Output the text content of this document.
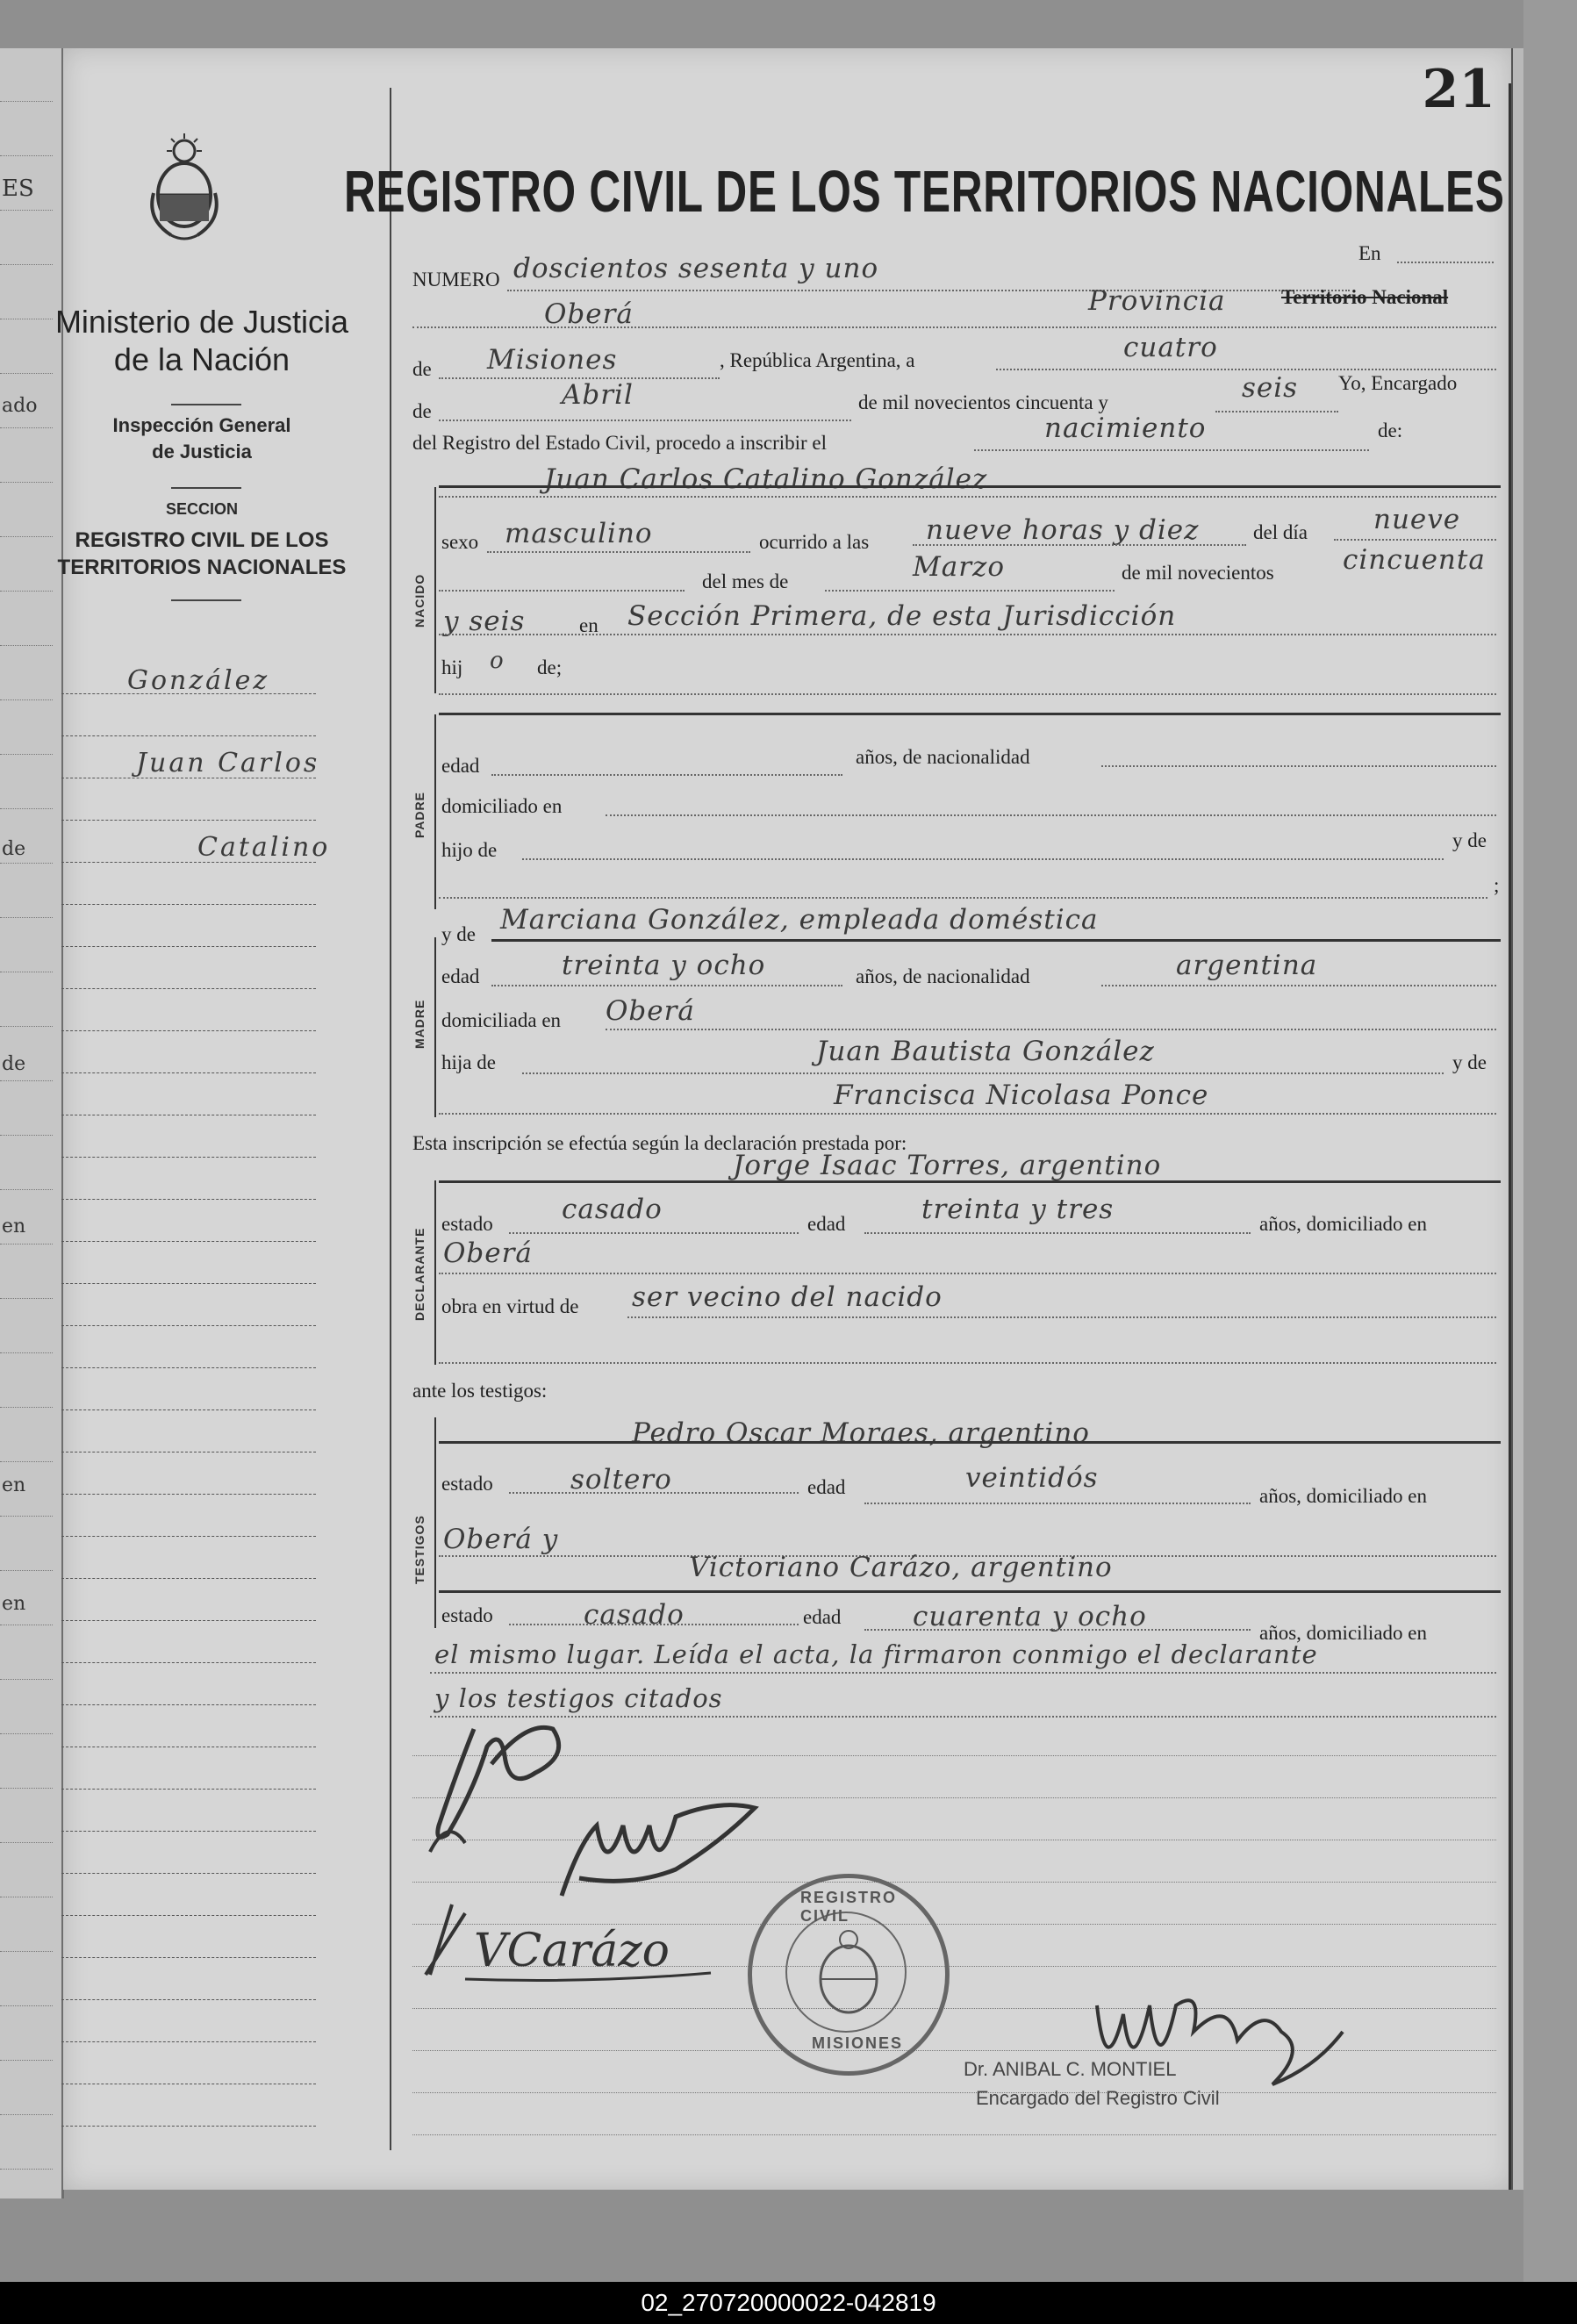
ES
ado
de
de
en
en
en
21
Ministerio de Justicia
de la Nación
Inspección General
de Justicia
SECCION
REGISTRO CIVIL DE LOS
TERRITORIOS NACIONALES
González
Juan Carlos
Catalino
REGISTRO CIVIL DE LOS TERRITORIOS NACIONALES
NUMERO doscientos sesenta y uno	En
Oberá	Provincia	Territorio Nacional
de Misiones	, República Argentina, a	cuatro
de
Abril	de mil novecientos cincuenta y	seis Yo, Encargado
del Registro del Estado Civil, procedo a inscribir el	nacimiento	de:
Juan Carlos Catalino González
NACIDO
sexo masculino	ocurrido a las nueve horas y diez	del día nueve
del mes de	Marzo	de mil novecientos	cincuenta
y seis	en Sección Primera, de esta Jurisdicción
hij o de;
PADRE
edad	años, de nacionalidad
domiciliado en
hijo de	y de
;
y de Marciana González, empleada doméstica
MADRE
edad	treinta y ocho	años, de nacionalidad	argentina
domiciliada en Oberá
hija de	Juan Bautista González	y de
Francisca Nicolasa Ponce
Esta inscripción se efectúa según la declaración prestada por:
Jorge Isaac Torres, argentino
DECLARANTE
estado	casado	edad	treinta y tres	años, domiciliado en
Oberá
obra en virtud de ser vecino del nacido
ante los testigos:
Pedro Oscar Moraes, argentino
TESTIGOS
estado	soltero	edad	veintidós
años, domiciliado en
Oberá y
Victoriano Carázo, argentino
estado	casado	edad	cuarenta y ocho
años, domiciliado en
el mismo lugar. Leída el acta, la firmaron conmigo el declarante
y los testigos citados
VCarázo
REGISTRO CIVIL
MISIONES
Dr. ANIBAL C. MONTIEL
Encargado del Registro Civil
02_270720000022-042819
